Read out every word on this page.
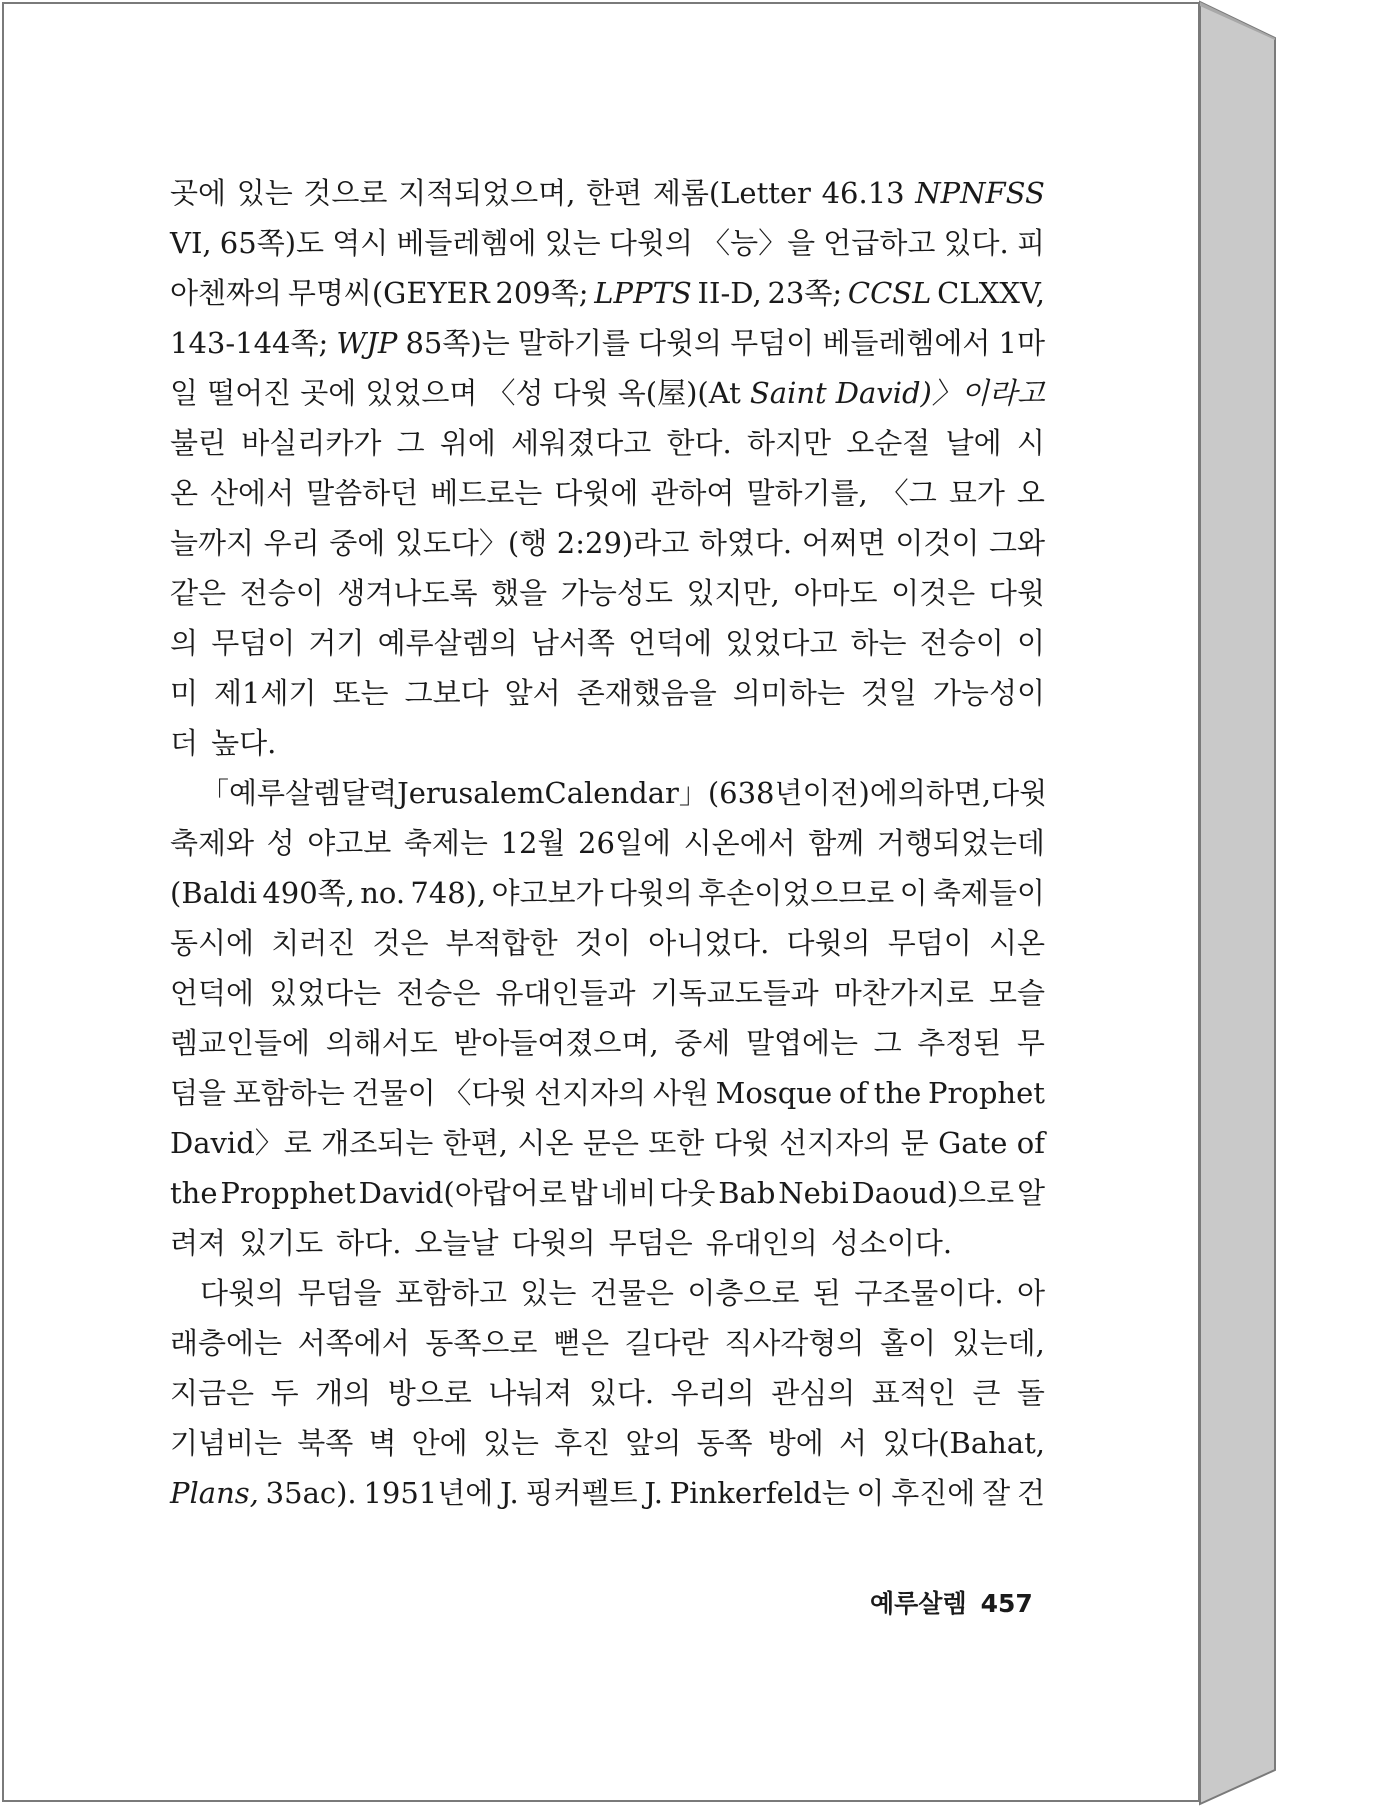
곳에 있는 것으로 지적되었으며, 한편 제롬(Letter 46.13 NPNFSS
VI, 65쪽)도 역시 베들레헴에 있는 다윗의 〈능〉을 언급하고 있다. 피
아첸짜의 무명씨(GEYER 209쪽; LPPTS II-D, 23쪽; CCSL CLXXV,
143-144쪽; WJP 85쪽)는 말하기를 다윗의 무덤이 베들레헴에서 1마
일 떨어진 곳에 있었으며 〈성 다윗 옥(屋)(At Saint David)〉이라고
불린 바실리카가 그 위에 세워졌다고 한다. 하지만 오순절 날에 시
온 산에서 말씀하던 베드로는 다윗에 관하여 말하기를, 〈그 묘가 오
늘까지 우리 중에 있도다〉(행 2:29)라고 하였다. 어쩌면 이것이 그와
같은 전승이 생겨나도록 했을 가능성도 있지만, 아마도 이것은 다윗
의 무덤이 거기 예루살렘의 남서쪽 언덕에 있었다고 하는 전승이 이
미 제1세기 또는 그보다 앞서 존재했음을 의미하는 것일 가능성이
더 높다.
「예루살렘 달력 Jerusalem Calendar」(638년 이전)에 의하면, 다윗
축제와 성 야고보 축제는 12월 26일에 시온에서 함께 거행되었는데
(Baldi 490쪽, no. 748), 야고보가 다윗의 후손이었으므로 이 축제들이
동시에 치러진 것은 부적합한 것이 아니었다. 다윗의 무덤이 시온
언덕에 있었다는 전승은 유대인들과 기독교도들과 마찬가지로 모슬
렘교인들에 의해서도 받아들여졌으며, 중세 말엽에는 그 추정된 무
덤을 포함하는 건물이 〈다윗 선지자의 사원 Mosque of the Prophet
David〉로 개조되는 한편, 시온 문은 또한 다윗 선지자의 문 Gate of
the Propphet David(아랍어로 밥 네비 다웃 Bab Nebi Daoud)으로 알
려져 있기도 하다. 오늘날 다윗의 무덤은 유대인의 성소이다.
다윗의 무덤을 포함하고 있는 건물은 이층으로 된 구조물이다. 아
래층에는 서쪽에서 동쪽으로 뻗은 길다란 직사각형의 홀이 있는데,
지금은 두 개의 방으로 나눠져 있다. 우리의 관심의 표적인 큰 돌
기념비는 북쪽 벽 안에 있는 후진 앞의 동쪽 방에 서 있다(Bahat,
Plans, 35ac). 1951년에 J. 핑커펠트 J. Pinkerfeld는 이 후진에 잘 건
예루살렘 457
